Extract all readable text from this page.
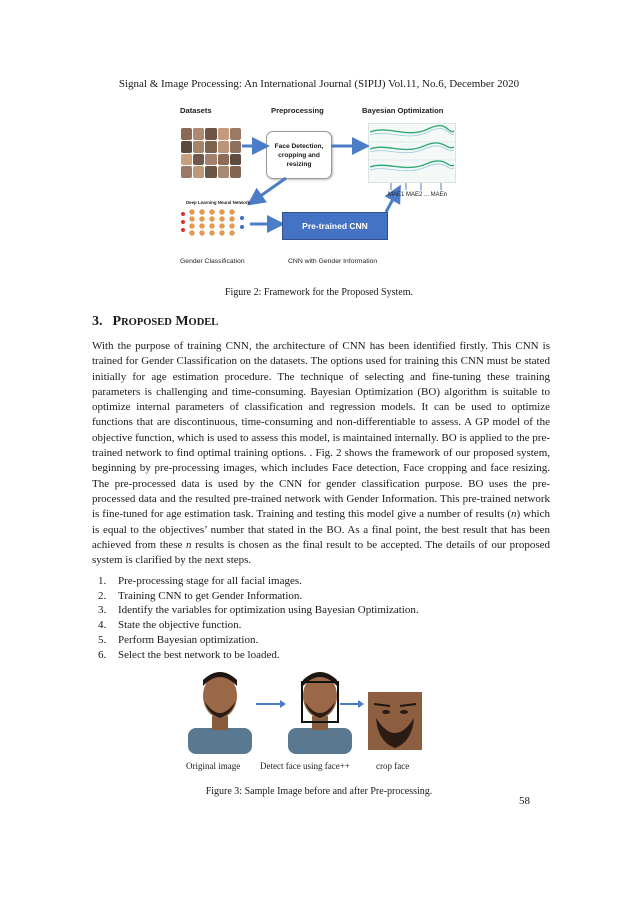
Signal & Image Processing: An International Journal (SIPIJ) Vol.11, No.6, December 2020
Datasets	Preprocessing	Bayesian Optimization
Face Detection,
cropping and
resizing
MAE1 MAE2 ... MAEn
Deep Learning Neural Network
Pre-trained CNN
Gender Classification	CNN with Gender Information
Figure 2: Framework for the Proposed System.
3. PROPOSED MODEL
With the purpose of training CNN, the architecture of CNN has been identified firstly. This CNN is trained for Gender Classification on the datasets. The options used for training this CNN must be stated initially for age estimation procedure. The technique of selecting and fine-tuning these training parameters is challenging and time-consuming. Bayesian Optimization (BO) algorithm is suitable to optimize internal parameters of classification and regression models. It can be used to optimize functions that are discontinuous, time-consuming and non-differentiable to assess. A GP model of the objective function, which is used to assess this model, is maintained internally. BO is applied to the pre-trained network to find optimal training options. . Fig. 2 shows the framework of our proposed system, beginning by pre-processing images, which includes Face detection, Face cropping and face resizing. The pre-processed data is used by the CNN for gender classification purpose. BO uses the pre-processed data and the resulted pre-trained network with Gender Information. This pre-trained network is fine-tuned for age estimation task. Training and testing this model give a number of results (n) which is equal to the objectives’ number that stated in the BO. As a final point, the best result that has been achieved from these n results is chosen as the final result to be accepted. The details of our proposed system is clarified by the next steps.
1. Pre-processing stage for all facial images.
2. Training CNN to get Gender Information.
3. Identify the variables for optimization using Bayesian Optimization.
4. State the objective function.
5. Perform Bayesian optimization.
6. Select the best network to be loaded.
Original image Detect face using face++	crop face
Figure 3: Sample Image before and after Pre-processing.
58
